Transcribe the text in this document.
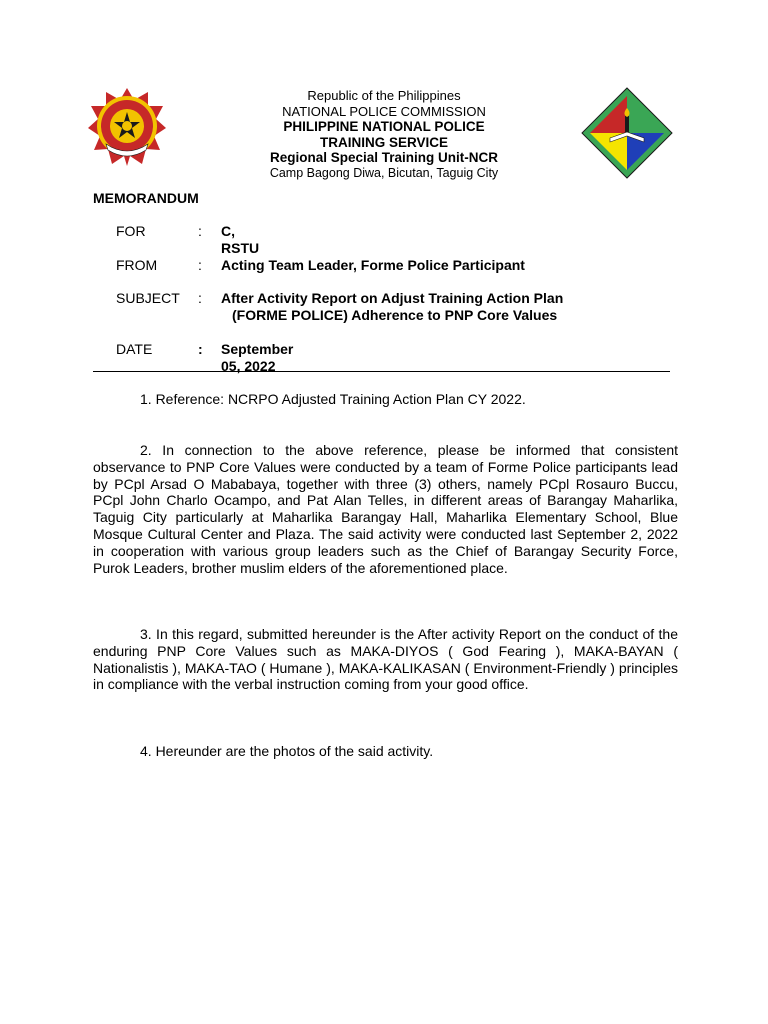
Republic of the Philippines
NATIONAL POLICE COMMISSION
PHILIPPINE NATIONAL POLICE
TRAINING SERVICE
Regional Special Training Unit-NCR
Camp Bagong Diwa, Bicutan, Taguig City
MEMORANDUM
FOR	: C, RSTU
FROM	: Acting Team Leader, Forme Police Participant
SUBJECT : After Activity Report on Adjust Training Action Plan
(FORME POLICE) Adherence to PNP Core Values
DATE	: September 05, 2022
1. Reference: NCRPO Adjusted Training Action Plan CY 2022.
2. In connection to the above reference, please be informed that consistent observance to PNP Core Values were conducted by a team of Forme Police participants lead by PCpl Arsad O Mababaya, together with three (3) others, namely PCpl Rosauro Buccu, PCpl John Charlo Ocampo, and Pat Alan Telles, in different areas of Barangay Maharlika, Taguig City particularly at Maharlika Barangay Hall, Maharlika Elementary School, Blue Mosque Cultural Center and Plaza. The said activity were conducted last September 2, 2022 in cooperation with various group leaders such as the Chief of Barangay Security Force, Purok Leaders, brother muslim elders of the aforementioned place.
3. In this regard, submitted hereunder is the After activity Report on the conduct of the enduring PNP Core Values such as MAKA-DIYOS ( God Fearing ), MAKA-BAYAN ( Nationalistis ), MAKA-TAO ( Humane ), MAKA-KALIKASAN ( Environment-Friendly ) principles in compliance with the verbal instruction coming from your good office.
4. Hereunder are the photos of the said activity.
